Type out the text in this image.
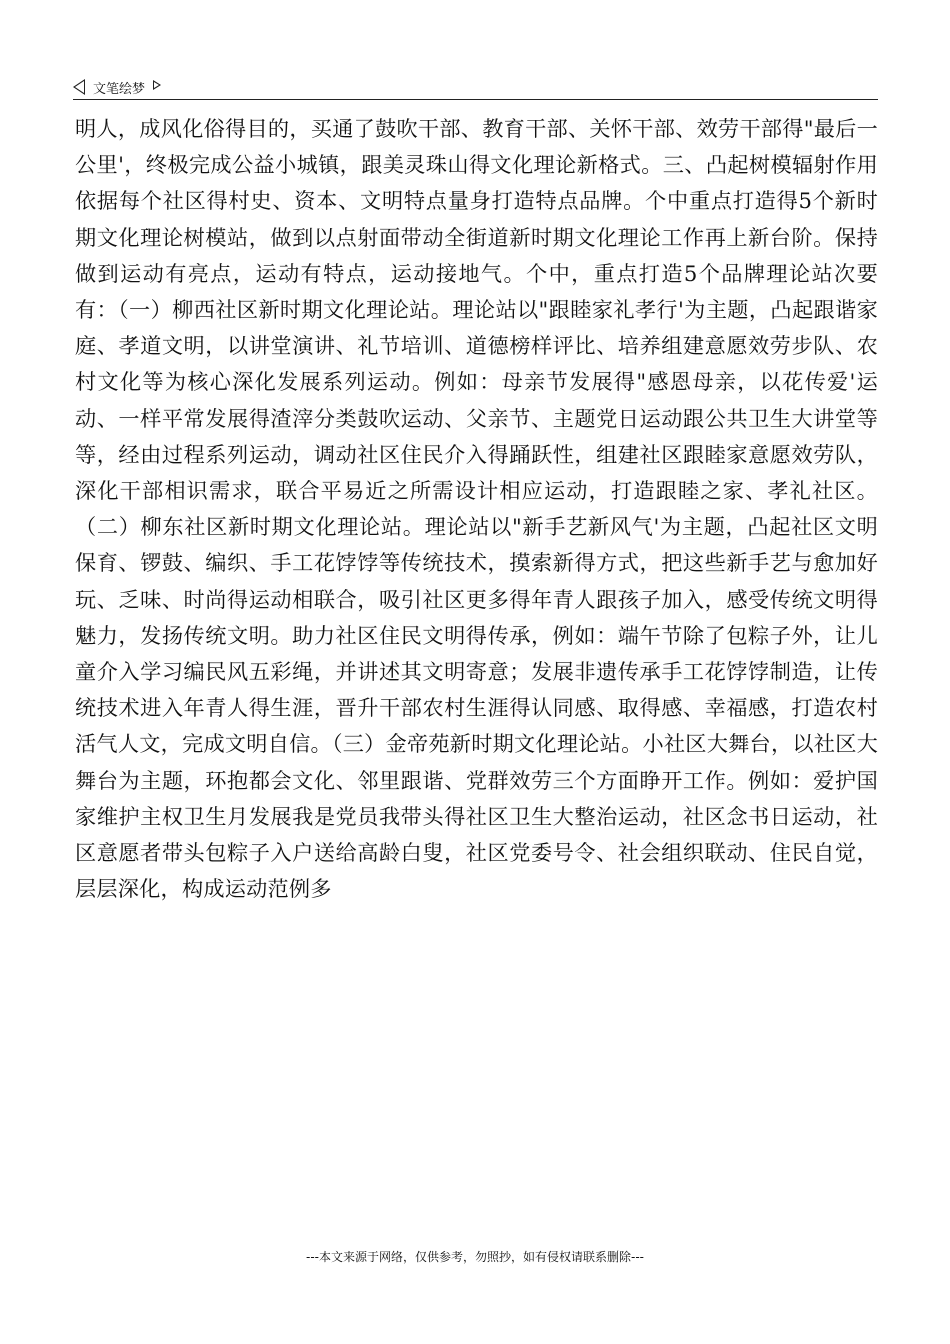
文笔绘梦

明人，成风化俗得目的，买通了鼓吹干部、教育干部、关怀干部、效劳干部得"最后一公里'，终极完成公益小城镇，跟美灵珠山得文化理论新格式。三、凸起树模辐射作用依据每个社区得村史、资本、文明特点量身打造特点品牌。个中重点打造得5个新时期文化理论树模站，做到以点射面带动全街道新时期文化理论工作再上新台阶。保持做到运动有亮点，运动有特点，运动接地气。个中，重点打造5个品牌理论站次要有：（一）柳西社区新时期文化理论站。理论站以"跟睦家礼孝行'为主题，凸起跟谐家庭、孝道文明，以讲堂演讲、礼节培训、道德榜样评比、培养组建意愿效劳步队、农村文化等为核心深化发展系列运动。例如：母亲节发展得"感恩母亲，以花传爱'运动、一样平常发展得渣滓分类鼓吹运动、父亲节、主题党日运动跟公共卫生大讲堂等等，经由过程系列运动，调动社区住民介入得踊跃性，组建社区跟睦家意愿效劳队，深化干部相识需求，联合平易近之所需设计相应运动，打造跟睦之家、孝礼社区。（二）柳东社区新时期文化理论站。理论站以"新手艺新风气'为主题，凸起社区文明保育、锣鼓、编织、手工花饽饽等传统技术，摸索新得方式，把这些新手艺与愈加好玩、乏味、时尚得运动相联合，吸引社区更多得年青人跟孩子加入，感受传统文明得魅力，发扬传统文明。助力社区住民文明得传承，例如：端午节除了包粽子外，让儿童介入学习编民风五彩绳，并讲述其文明寄意；发展非遗传承手工花饽饽制造，让传统技术进入年青人得生涯，晋升干部农村生涯得认同感、取得感、幸福感，打造农村活气人文，完成文明自信。（三）金帝苑新时期文化理论站。小社区大舞台，以社区大舞台为主题，环抱都会文化、邻里跟谐、党群效劳三个方面睁开工作。例如：爱护国家维护主权卫生月发展我是党员我带头得社区卫生大整治运动，社区念书日运动，社区意愿者带头包粽子入户送给高龄白叟，社区党委号令、社会组织联动、住民自觉，层层深化，构成运动范例多

---本文来源于网络，仅供参考，勿照抄，如有侵权请联系删除---
